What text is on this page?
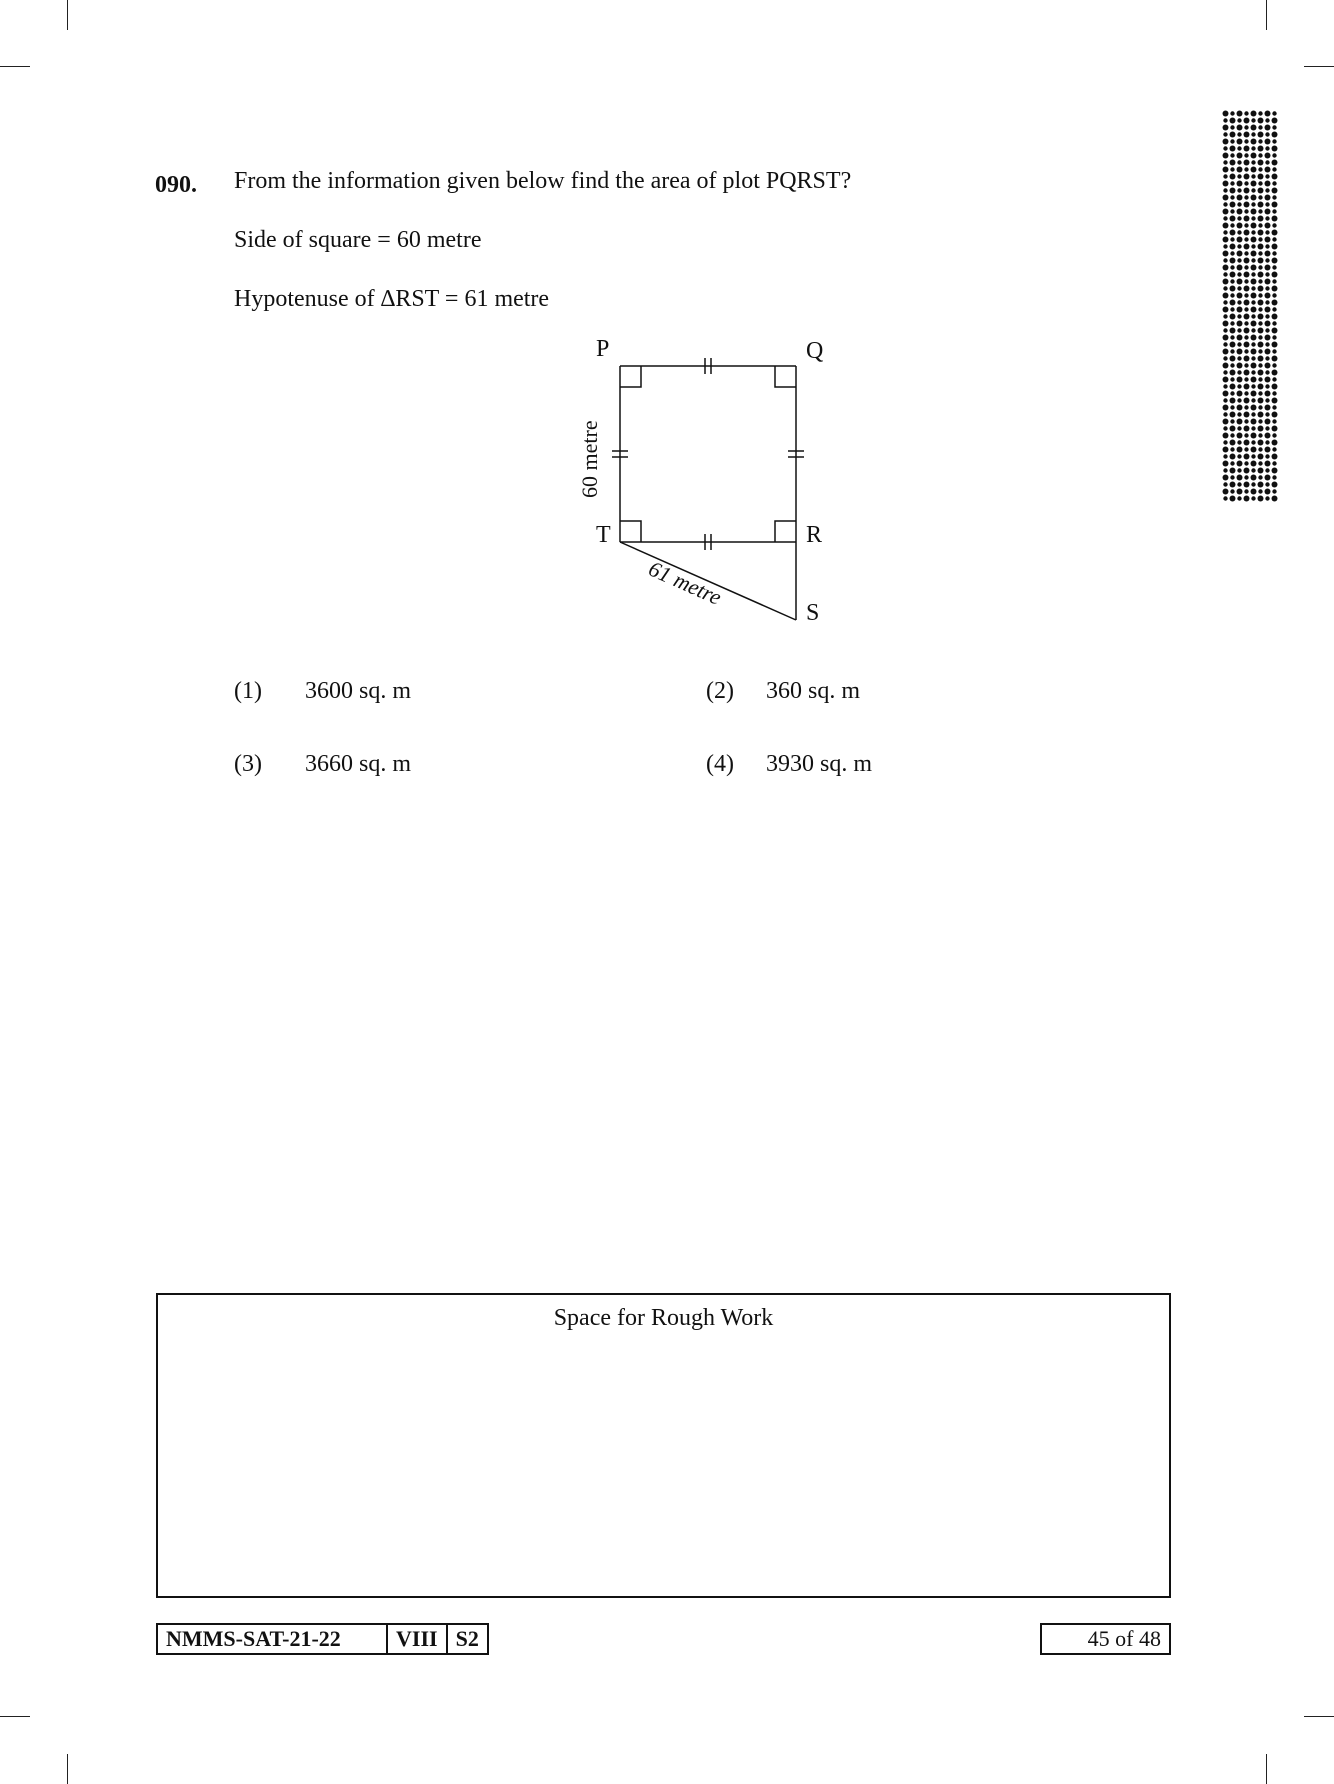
090. From the information given below find the area of plot PQRST?
Side of square = 60 metre
Hypotenuse of ∆RST = 61 metre
P	Q
T	R
S
60 metre
61 metre
(1) 3600 sq. m	(2) 360 sq. m
(3) 3660 sq. m	(4) 3930 sq. m
Space for Rough Work
NMMS-SAT-21-22	VIII S2	45 of 48
